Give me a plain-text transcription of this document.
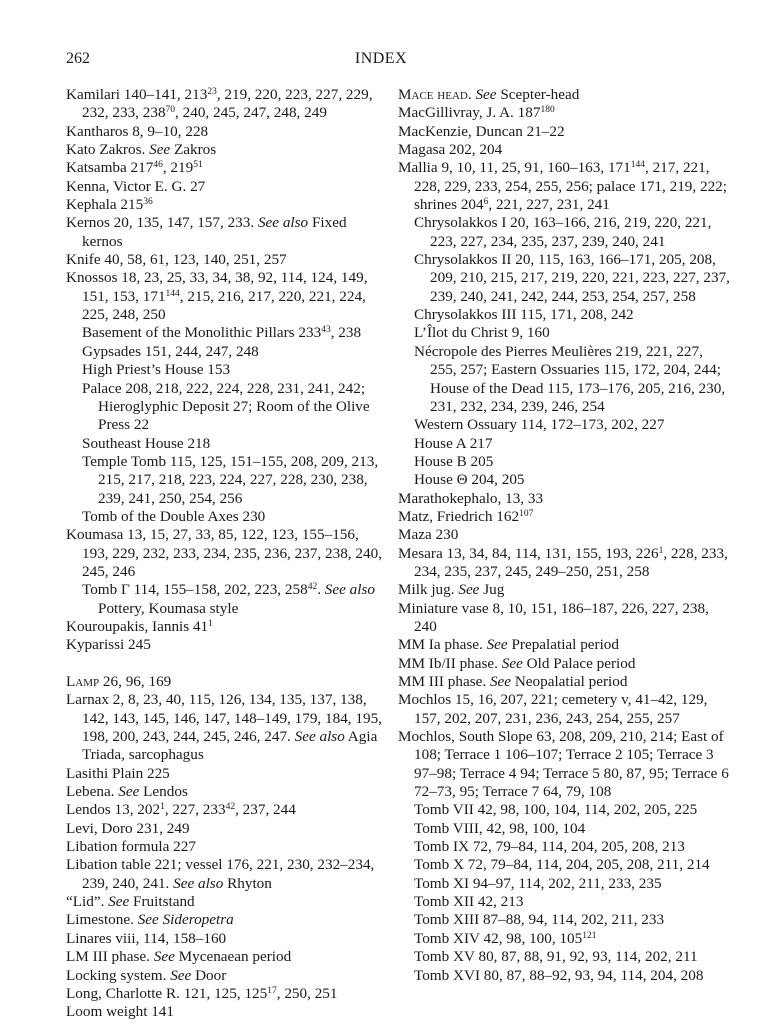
262	INDEX
Kamilari 140–141, $213^{23}$, 219, 220, 223, 227, 229, 232, 233, $238^{70}$, 240, 245, 247, 248, 249
Kantharos 8, 9–10, 228
Kato Zakros. See Zakros
Katsamba $217^{46}$, $219^{51}$
Kenna, Victor E. G. 27
Kephala $215^{36}$
Kernos 20, 135, 147, 157, 233. See also Fixed kernos
Knife 40, 58, 61, 123, 140, 251, 257
Knossos 18, 23, 25, 33, 34, 38, 92, 114, 124, 149, 151, 153, $171^{144}$, 215, 216, 217, 220, 221, 224, 225, 248, 250
Basement of the Monolithic Pillars $233^{43}$, 238
Gypsades 151, 244, 247, 248
High Priest’s House 153
Palace 208, 218, 222, 224, 228, 231, 241, 242; Hieroglyphic Deposit 27; Room of the Olive Press 22
Southeast House 218
Temple Tomb 115, 125, 151–155, 208, 209, 213, 215, 217, 218, 223, 224, 227, 228, 230, 238, 239, 241, 250, 254, 256
Tomb of the Double Axes 230
Koumasa 13, 15, 27, 33, 85, 122, 123, 155–156, 193, 229, 232, 233, 234, 235, 236, 237, 238, 240, 245, 246
Tomb Γ 114, 155–158, 202, 223, $258^{42}$. See also Pottery, Koumasa style
Kouroupakis, Iannis $41^1$
Kyparissi 245
Lamp 26, 96, 169
Larnax 2, 8, 23, 40, 115, 126, 134, 135, 137, 138, 142, 143, 145, 146, 147, 148–149, 179, 184, 195, 198, 200, 243, 244, 245, 246, 247. See also Agia Triada, sarcophagus
Lasithi Plain 225
Lebena. See Lendos
Lendos 13, $202^1$, 227, $233^{42}$, 237, 244
Levi, Doro 231, 249
Libation formula 227
Libation table 221; vessel 176, 221, 230, 232–234, 239, 240, 241. See also Rhyton
“Lid”. See Fruitstand
Limestone. See Sideropetra
Linares viii, 114, 158–160
LM III phase. See Mycenaean period
Locking system. See Door
Long, Charlotte R. 121, 125, $125^{17}$, 250, 251
Loom weight 141
Mace head. See Scepter-head
MacGillivray, J. A. $187^{180}$
MacKenzie, Duncan 21–22
Magasa 202, 204
Mallia 9, 10, 11, 25, 91, 160–163, $171^{144}$, 217, 221, 228, 229, 233, 254, 255, 256; palace 171, 219, 222; shrines $204^6$, 221, 227, 231, 241
Chrysolakkos I 20, 163–166, 216, 219, 220, 221, 223, 227, 234, 235, 237, 239, 240, 241
Chrysolakkos II 20, 115, 163, 166–171, 205, 208, 209, 210, 215, 217, 219, 220, 221, 223, 227, 237, 239, 240, 241, 242, 244, 253, 254, 257, 258
Chrysolakkos III 115, 171, 208, 242
L’Îlot du Christ 9, 160
Nécropole des Pierres Meulières 219, 221, 227, 255, 257; Eastern Ossuaries 115, 172, 204, 244; House of the Dead 115, 173–176, 205, 216, 230, 231, 232, 234, 239, 246, 254
Western Ossuary 114, 172–173, 202, 227
House A 217
House B 205
House Θ 204, 205
Marathokephalo, 13, 33
Matz, Friedrich $162^{107}$
Maza 230
Mesara 13, 34, 84, 114, 131, 155, 193, $226^1$, 228, 233, 234, 235, 237, 245, 249–250, 251, 258
Milk jug. See Jug
Miniature vase 8, 10, 151, 186–187, 226, 227, 238, 240
MM Ia phase. See Prepalatial period
MM Ib/II phase. See Old Palace period
MM III phase. See Neopalatial period
Mochlos 15, 16, 207, 221; cemetery v, 41–42, 129, 157, 202, 207, 231, 236, 243, 254, 255, 257
Mochlos, South Slope 63, 208, 209, 210, 214; East of 108; Terrace 1 106–107; Terrace 2 105; Terrace 3 97–98; Terrace 4 94; Terrace 5 80, 87, 95; Terrace 6 72–73, 95; Terrace 7 64, 79, 108
Tomb VII 42, 98, 100, 104, 114, 202, 205, 225
Tomb VIII, 42, 98, 100, 104
Tomb IX 72, 79–84, 114, 204, 205, 208, 213
Tomb X 72, 79–84, 114, 204, 205, 208, 211, 214
Tomb XI 94–97, 114, 202, 211, 233, 235
Tomb XII 42, 213
Tomb XIII 87–88, 94, 114, 202, 211, 233
Tomb XIV 42, 98, 100, $105^{121}$
Tomb XV 80, 87, 88, 91, 92, 93, 114, 202, 211
Tomb XVI 80, 87, 88–92, 93, 94, 114, 204, 208
